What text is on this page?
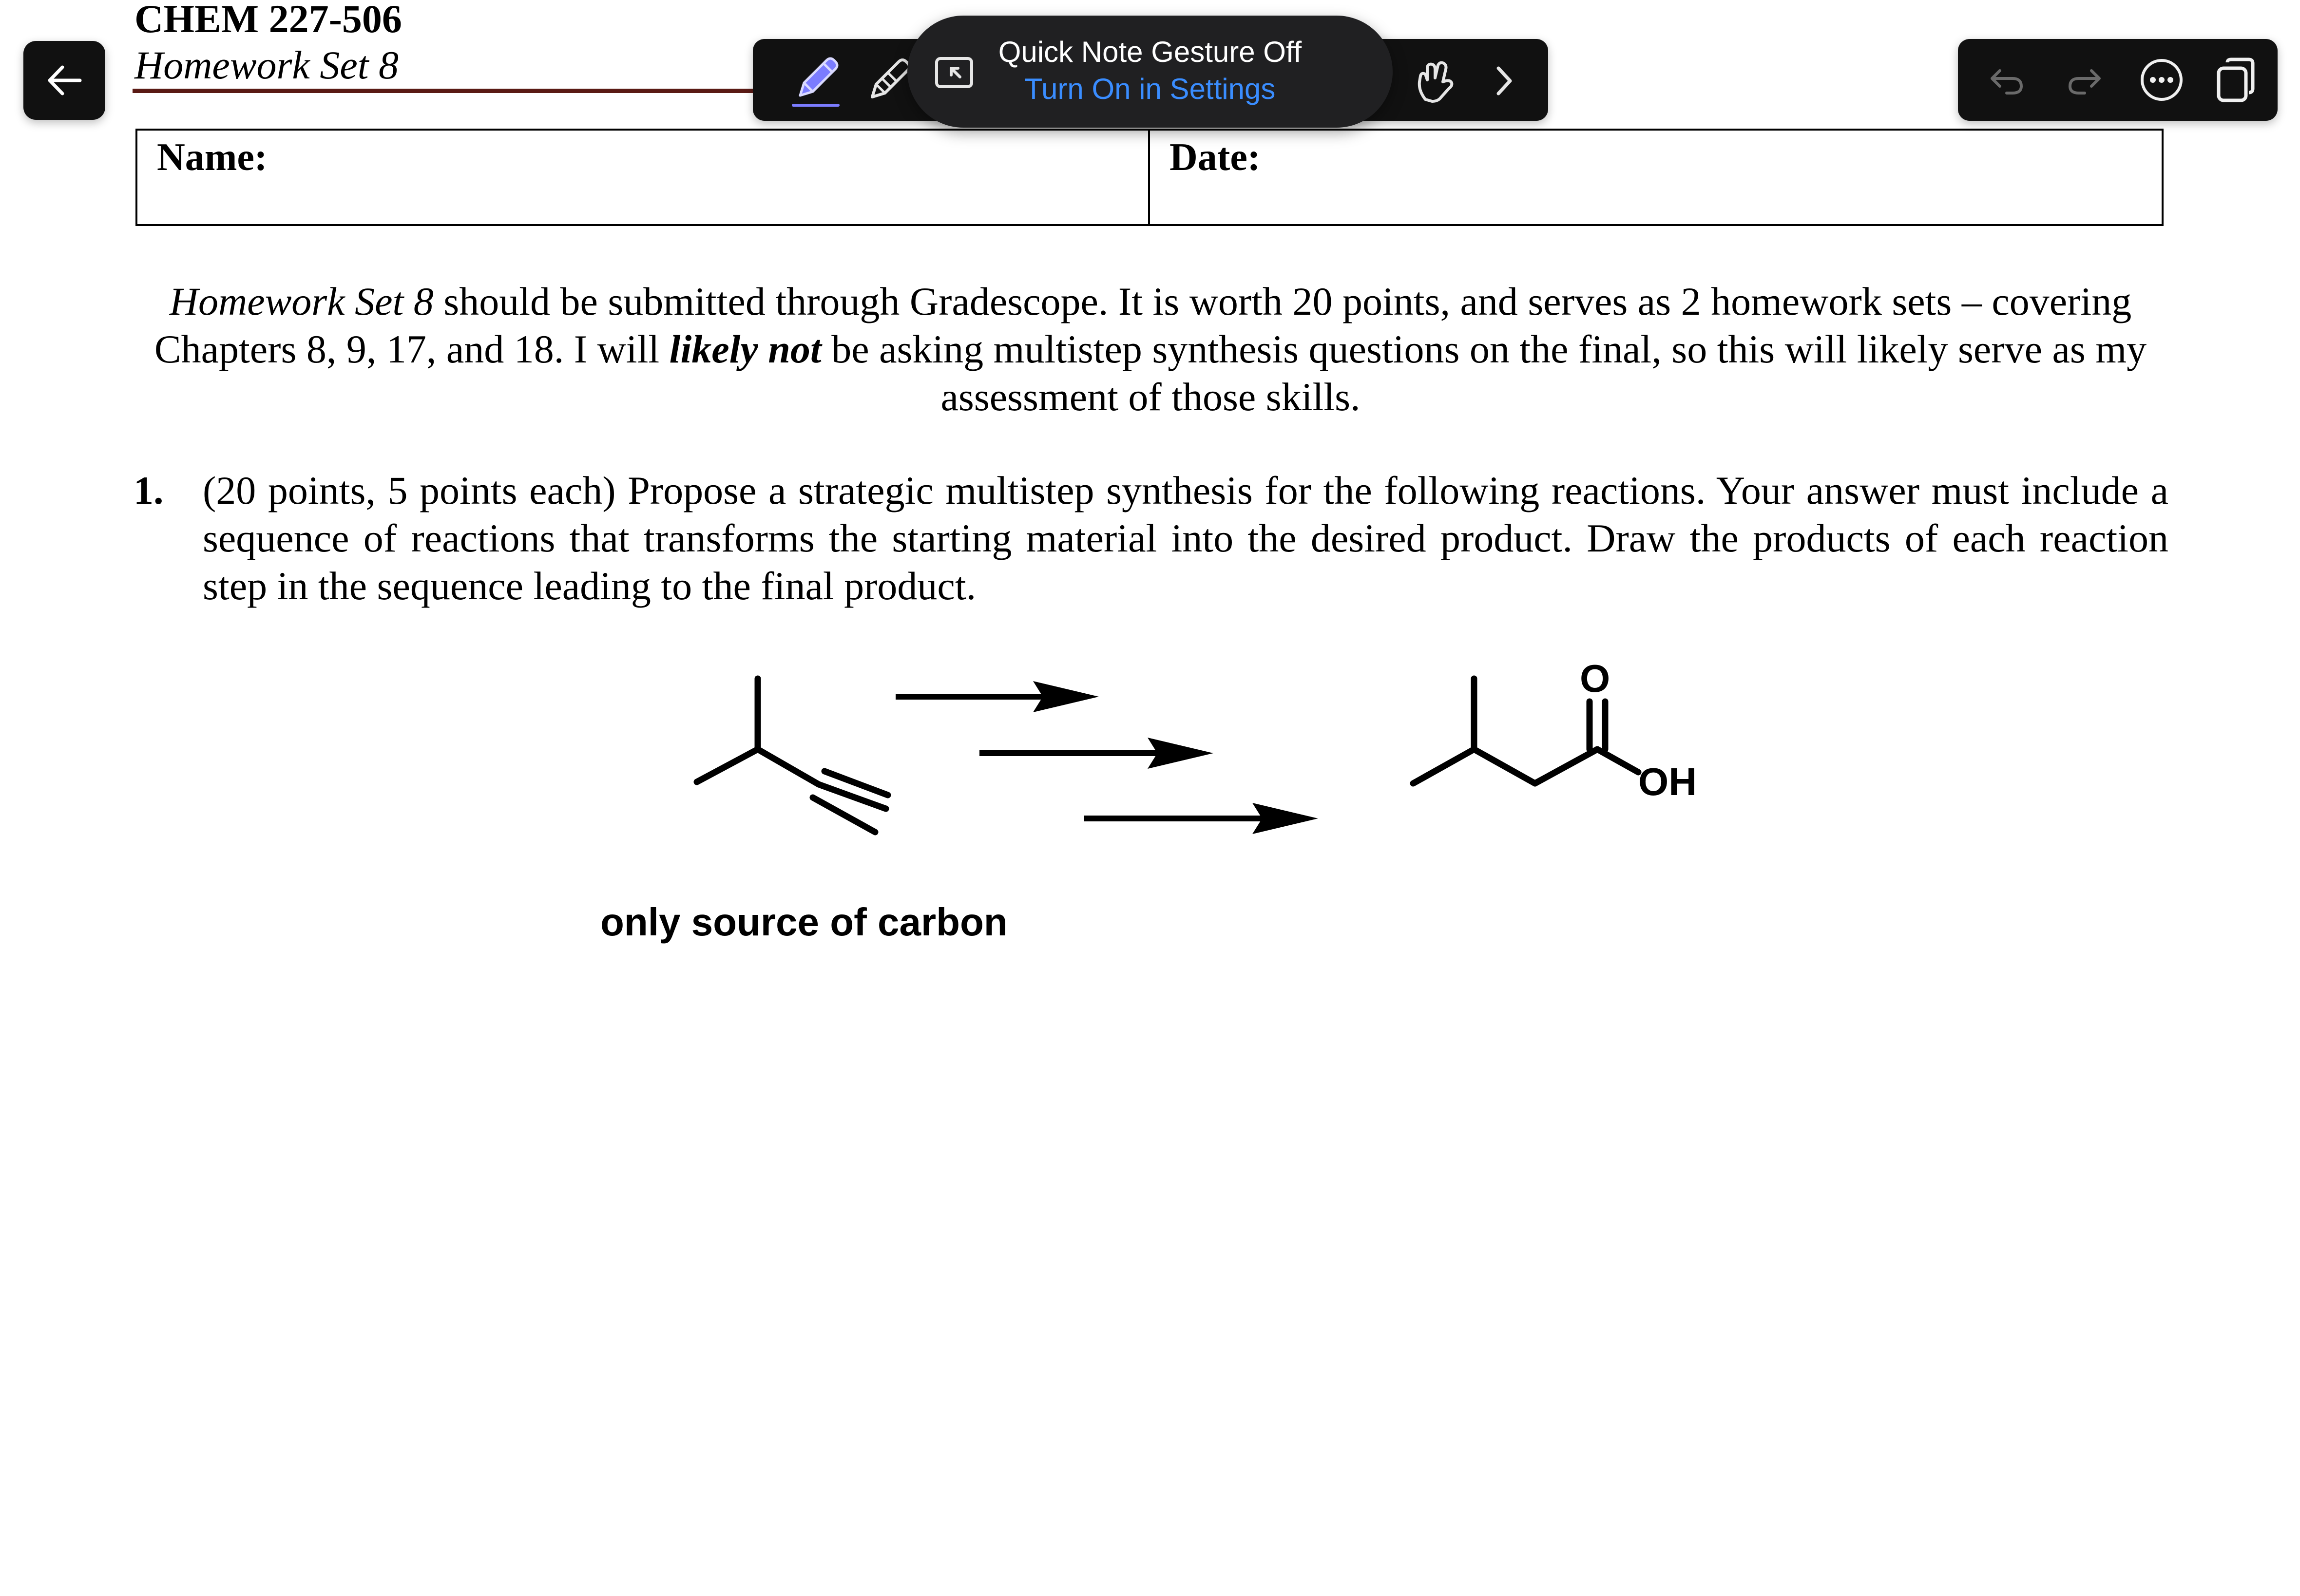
CHEM 227-506
Homework Set 8
Name:	Date:
Homework Set 8 should be submitted through Gradescope. It is worth 20 points, and serves as 2 homework sets – covering Chapters 8, 9, 17, and 18. I will likely not be asking multistep synthesis questions on the final, so this will likely serve as my assessment of those skills.
1. (20 points, 5 points each) Propose a strategic multistep synthesis for the following reactions. Your answer must include a sequence of reactions that transforms the starting material into the desired product. Draw the products of each reaction step in the sequence leading to the final product.
O
OH
only source of carbon
Quick Note Gesture Off
Turn On in Settings
